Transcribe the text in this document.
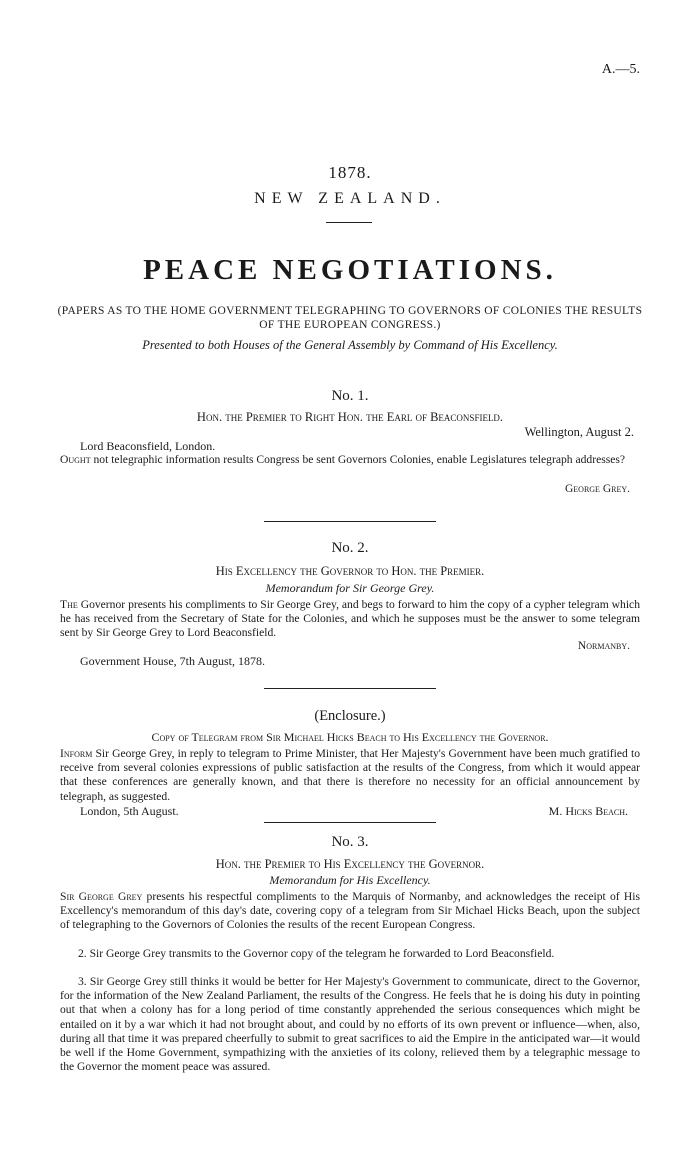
A.—5.
1878.
NEW ZEALAND.
PEACE NEGOTIATIONS.
(PAPERS AS TO THE HOME GOVERNMENT TELEGRAPHING TO GOVERNORS OF COLONIES THE RESULTS OF THE EUROPEAN CONGRESS.)
Presented to both Houses of the General Assembly by Command of His Excellency.
No. 1.
Hon. the Premier to Right Hon. the Earl of Beaconsfield.
Wellington, August 2.
Lord Beaconsfield, London.
Ought not telegraphic information results Congress be sent Governors Colonies, enable Legislatures telegraph addresses?
George Grey.
No. 2.
His Excellency the Governor to Hon. the Premier.
Memorandum for Sir George Grey.
The Governor presents his compliments to Sir George Grey, and begs to forward to him the copy of a cypher telegram which he has received from the Secretary of State for the Colonies, and which he supposes must be the answer to some telegram sent by Sir George Grey to Lord Beaconsfield.
Normanby.
Government House, 7th August, 1878.
(Enclosure.)
Copy of Telegram from Sir Michael Hicks Beach to His Excellency the Governor.
Inform Sir George Grey, in reply to telegram to Prime Minister, that Her Majesty's Government have been much gratified to receive from several colonies expressions of public satisfaction at the results of the Congress, from which it would appear that these conferences are generally known, and that there is therefore no necessity for an official announcement by telegraph, as suggested.
London, 5th August.	M. Hicks Beach.
No. 3.
Hon. the Premier to His Excellency the Governor.
Memorandum for His Excellency.
Sir George Grey presents his respectful compliments to the Marquis of Normanby, and acknowledges the receipt of His Excellency's memorandum of this day's date, covering copy of a telegram from Sir Michael Hicks Beach, upon the subject of telegraphing to the Governors of Colonies the results of the recent European Congress.
2. Sir George Grey transmits to the Governor copy of the telegram he forwarded to Lord Beaconsfield.
3. Sir George Grey still thinks it would be better for Her Majesty's Government to communicate, direct to the Governor, for the information of the New Zealand Parliament, the results of the Congress. He feels that he is doing his duty in pointing out that when a colony has for a long period of time constantly apprehended the serious consequences which might be entailed on it by a war which it had not brought about, and could by no efforts of its own prevent or influence—when, also, during all that time it was prepared cheerfully to submit to great sacrifices to aid the Empire in the anticipated war—it would be well if the Home Government, sympathizing with the anxieties of its colony, relieved them by a telegraphic message to the Governor the moment peace was assured.
